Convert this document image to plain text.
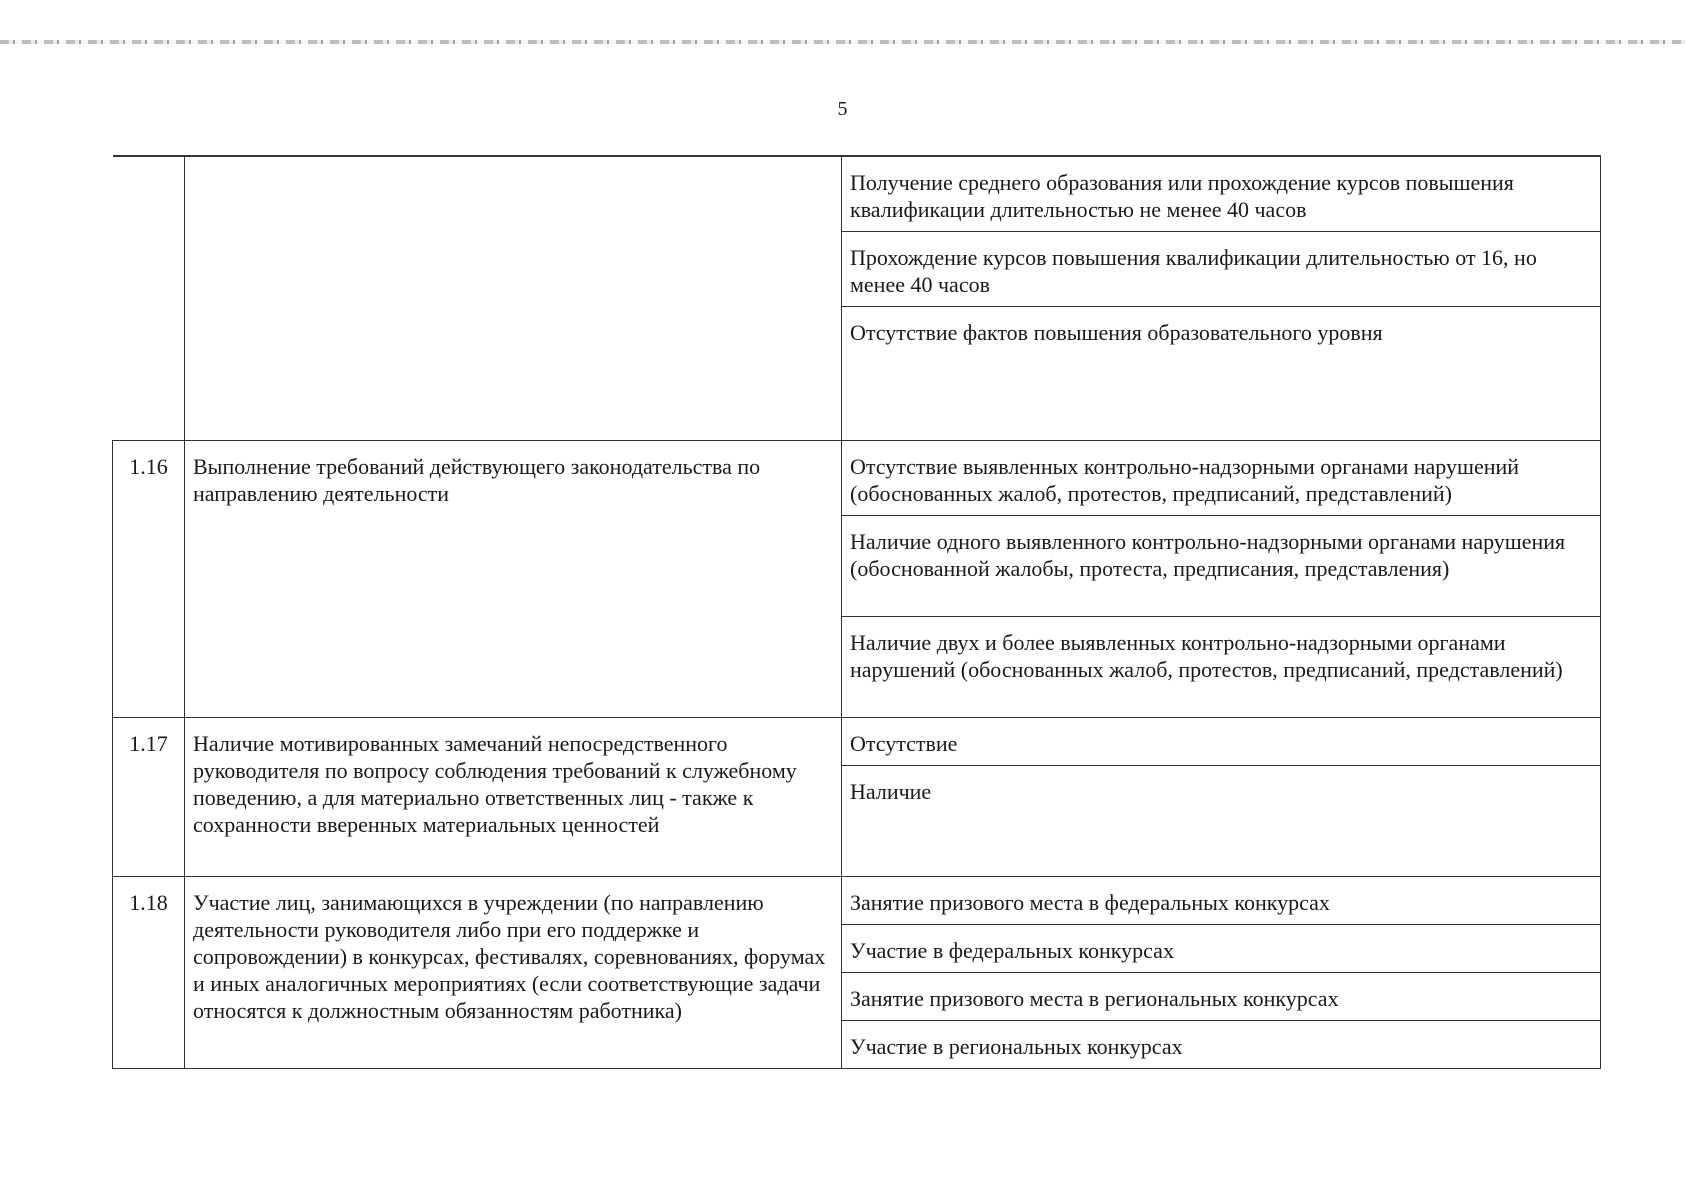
5
		Получение среднего образования или прохождение курсов повышения квалификации длительностью не менее 40 часов
		Прохождение курсов повышения квалификации длительностью от 16, но менее 40 часов
		Отсутствие фактов повышения образовательного уровня
1.16	Выполнение требований действующего законодательства по направлению деятельности	Отсутствие выявленных контрольно-надзорными органами нарушений (обоснованных жалоб, протестов, предписаний, представлений)
		Наличие одного выявленного контрольно-надзорными органами нарушения (обоснованной жалобы, протеста, предписания, представления)
		Наличие двух и более выявленных контрольно-надзорными органами нарушений (обоснованных жалоб, протестов, предписаний, представлений)
1.17	Наличие мотивированных замечаний непосредственного руководителя по вопросу соблюдения требований к служебному поведению, а для материально ответственных лиц - также к сохранности вверенных материальных ценностей	Отсутствие
		Наличие
1.18	Участие лиц, занимающихся в учреждении (по направлению деятельности руководителя либо при его поддержке и сопровождении) в конкурсах, фестивалях, соревнованиях, форумах и иных аналогичных мероприятиях (если соответствующие задачи относятся к должностным обязанностям работника)	Занятие призового места в федеральных конкурсах
		Участие в федеральных конкурсах
		Занятие призового места в региональных конкурсах
		Участие в региональных конкурсах
